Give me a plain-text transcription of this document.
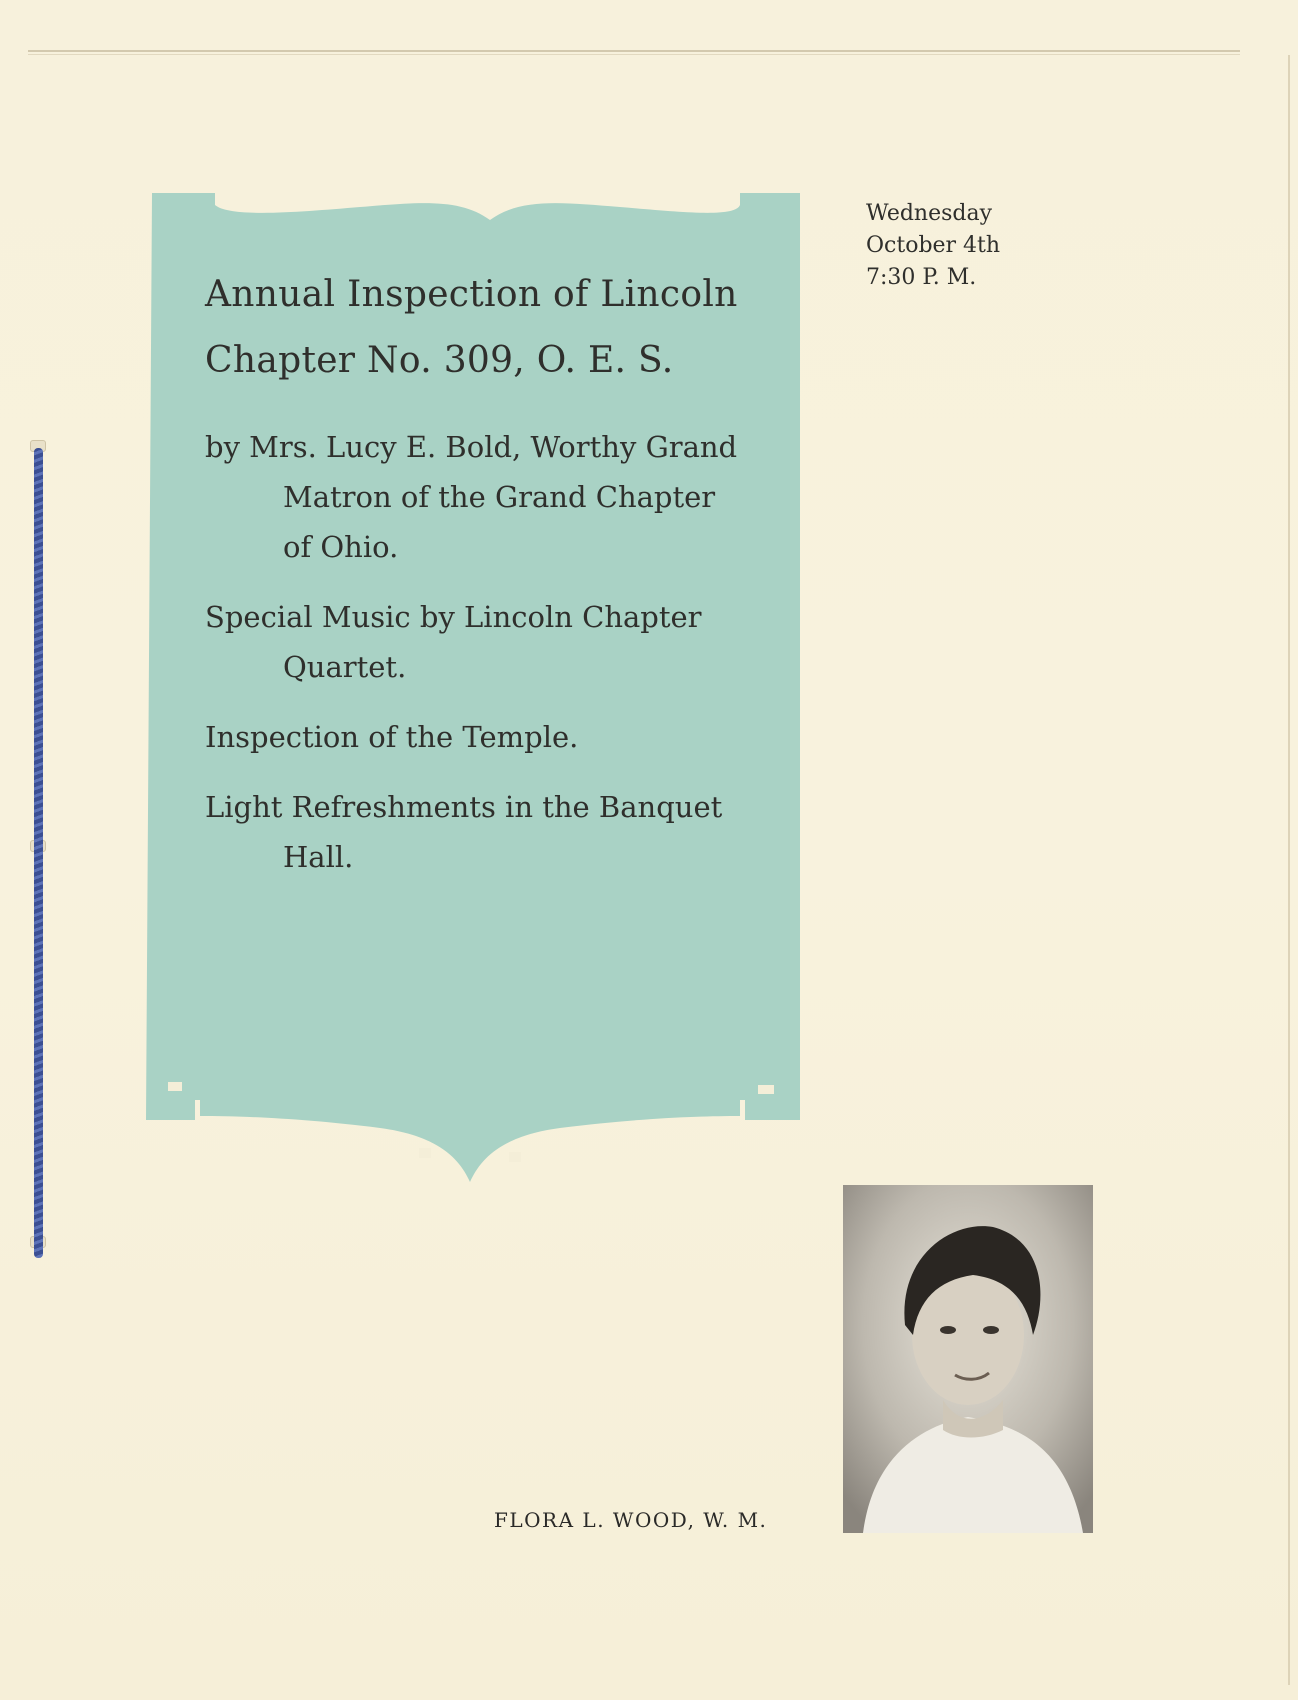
Annual Inspection of Lincoln
Chapter No. 309, O. E. S.
by Mrs. Lucy E. Bold, Worthy Grand Matron of the Grand Chapter of Ohio.
Special Music by Lincoln Chapter Quartet.
Inspection of the Temple.
Light Refreshments in the Banquet Hall.
Wednesday
October 4th
7:30 P. M.
FLORA L. WOOD, W. M.
